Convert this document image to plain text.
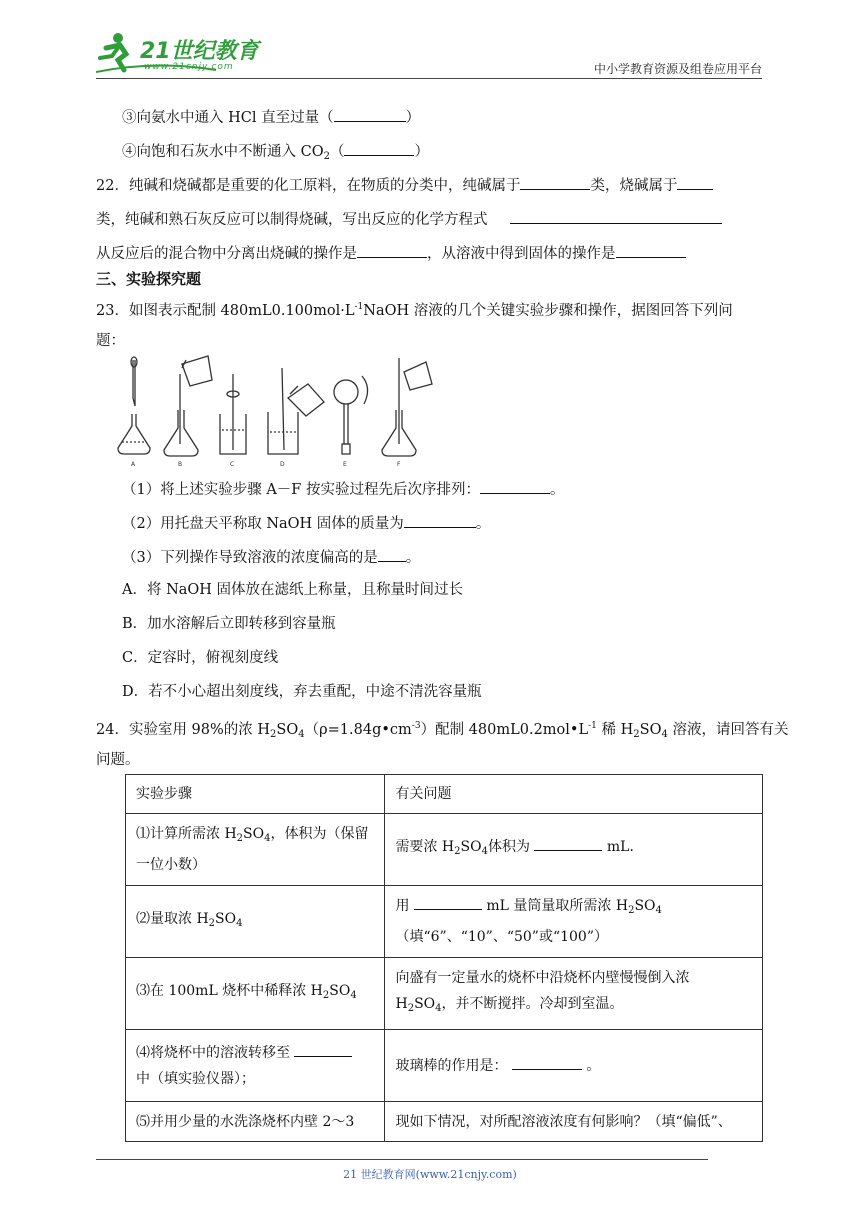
21世纪教育
www.21cnjy.com	中小学教育资源及组卷应用平台
③向氨水中通入 HCl 直至过量（	）
④向饱和石灰水中不断通入 $CO_2$（	）
22．纯碱和烧碱都是重要的化工原料，在物质的分类中，纯碱属于	类，烧碱属于
类，纯碱和熟石灰反应可以制得烧碱，写出反应的化学方程式
从反应后的混合物中分离出烧碱的操作是	，从溶液中得到固体的操作是
三、实验探究题
23．如图表示配制 $480mL0.100mol\cdot L^{-1}NaOH$ 溶液的几个关键实验步骤和操作，据图回答下列问
题：
A	B	C	D	E	F
（1）将上述实验步骤 A－F 按实验过程先后次序排列：	。
（2）用托盘天平称取 NaOH 固体的质量为	。
（3）下列操作导致溶液的浓度偏高的是 。
A．将 NaOH 固体放在滤纸上称量，且称量时间过长
B．加水溶解后立即转移到容量瓶
C．定容时，俯视刻度线
D．若不小心超出刻度线，弃去重配，中途不清洗容量瓶
24．实验室用 98%的浓 $H_2SO_4(\rho=1.84g•cm^{-3})$配制 $480mL0.2mol•L^{-1}$ 稀 $H_2SO_4$ 溶液，请回答有关
问题。
实验步骤	有关问题
⑴计算所需浓 $H_2SO_4$，体积为（保留一位小数）	需要浓 $H_2SO_4$体积为 mL．
⑵量取浓 $H_2SO_4$	用 mL 量筒量取所需浓 $H_2SO_4$（填“6”、“10”、“50”或“100”）
⑶在 100mL 烧杯中稀释浓 $H_2SO_4$	向盛有一定量水的烧杯中沿烧杯内壁慢慢倒入浓 $H_2SO_4$，并不断搅拌。冷却到室温。
⑷将烧杯中的溶液转移至
中（填实验仪器）；	玻璃棒的作用是： 。
⑸并用少量的水洗涤烧杯内壁 2～3	现如下情况，对所配溶液浓度有何影响？（填“偏低”、
21 世纪教育网(www.21cnjy.com)
